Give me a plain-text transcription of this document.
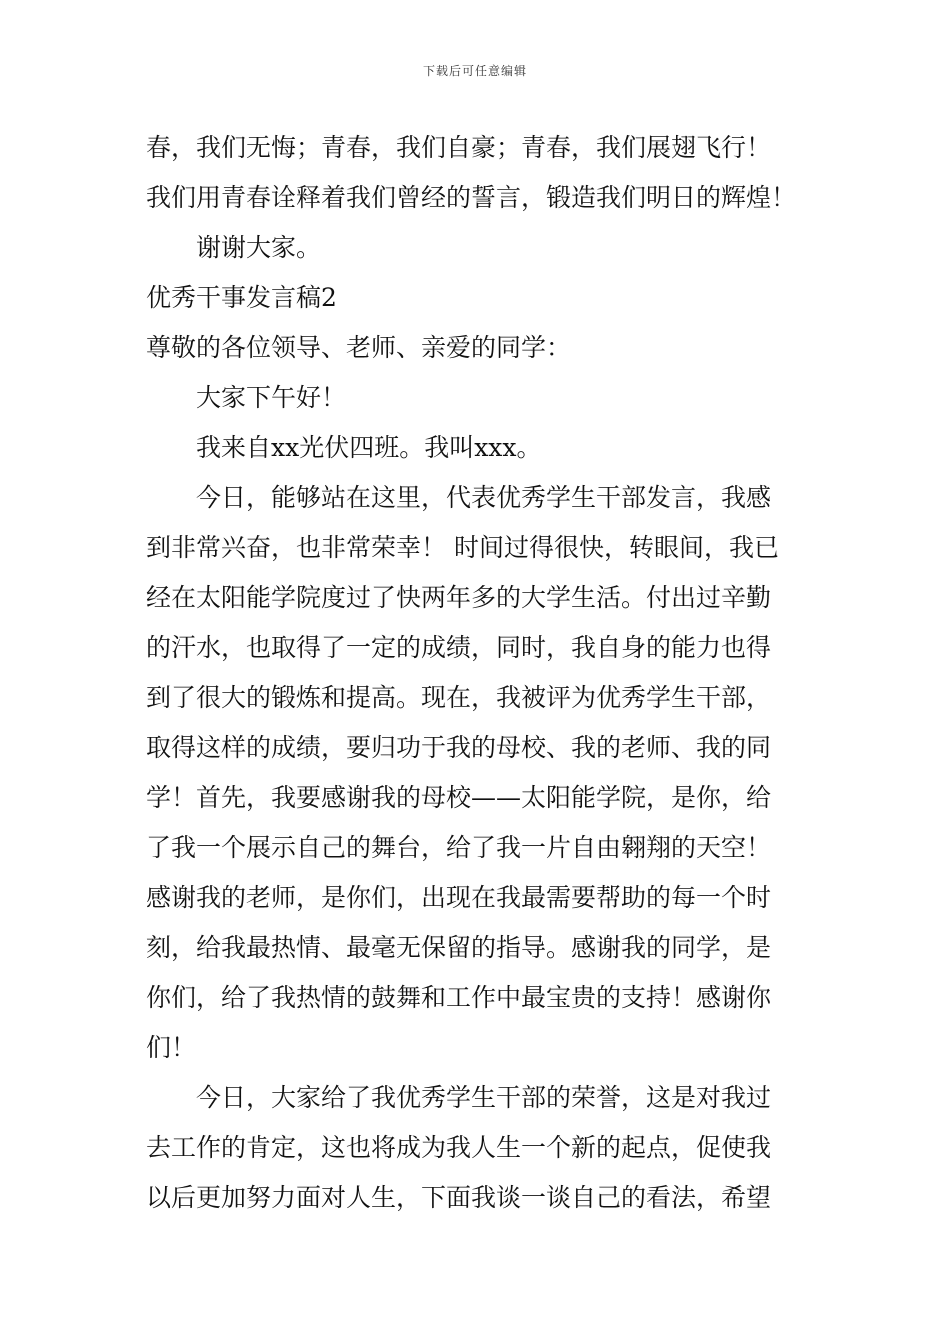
下载后可任意编辑
春，我们无悔；青春，我们自豪；青春，我们展翅飞行！
我们用青春诠释着我们曾经的誓言，锻造我们明日的辉煌！
谢谢大家。
优秀干事发言稿2
尊敬的各位领导、老师、亲爱的同学：
大家下午好！
我来自xx光伏四班。我叫xxx。
今日，能够站在这里，代表优秀学生干部发言，我感
到非常兴奋，也非常荣幸！ 时间过得很快，转眼间，我已
经在太阳能学院度过了快两年多的大学生活。付出过辛勤
的汗水，也取得了一定的成绩，同时，我自身的能力也得
到了很大的锻炼和提高。现在，我被评为优秀学生干部，
取得这样的成绩，要归功于我的母校、我的老师、我的同
学！首先，我要感谢我的母校——太阳能学院，是你，给
了我一个展示自己的舞台，给了我一片自由翱翔的天空！
感谢我的老师，是你们，出现在我最需要帮助的每一个时
刻，给我最热情、最毫无保留的指导。感谢我的同学，是
你们，给了我热情的鼓舞和工作中最宝贵的支持！感谢你
们！
今日，大家给了我优秀学生干部的荣誉，这是对我过
去工作的肯定，这也将成为我人生一个新的起点，促使我
以后更加努力面对人生，下面我谈一谈自己的看法，希望
